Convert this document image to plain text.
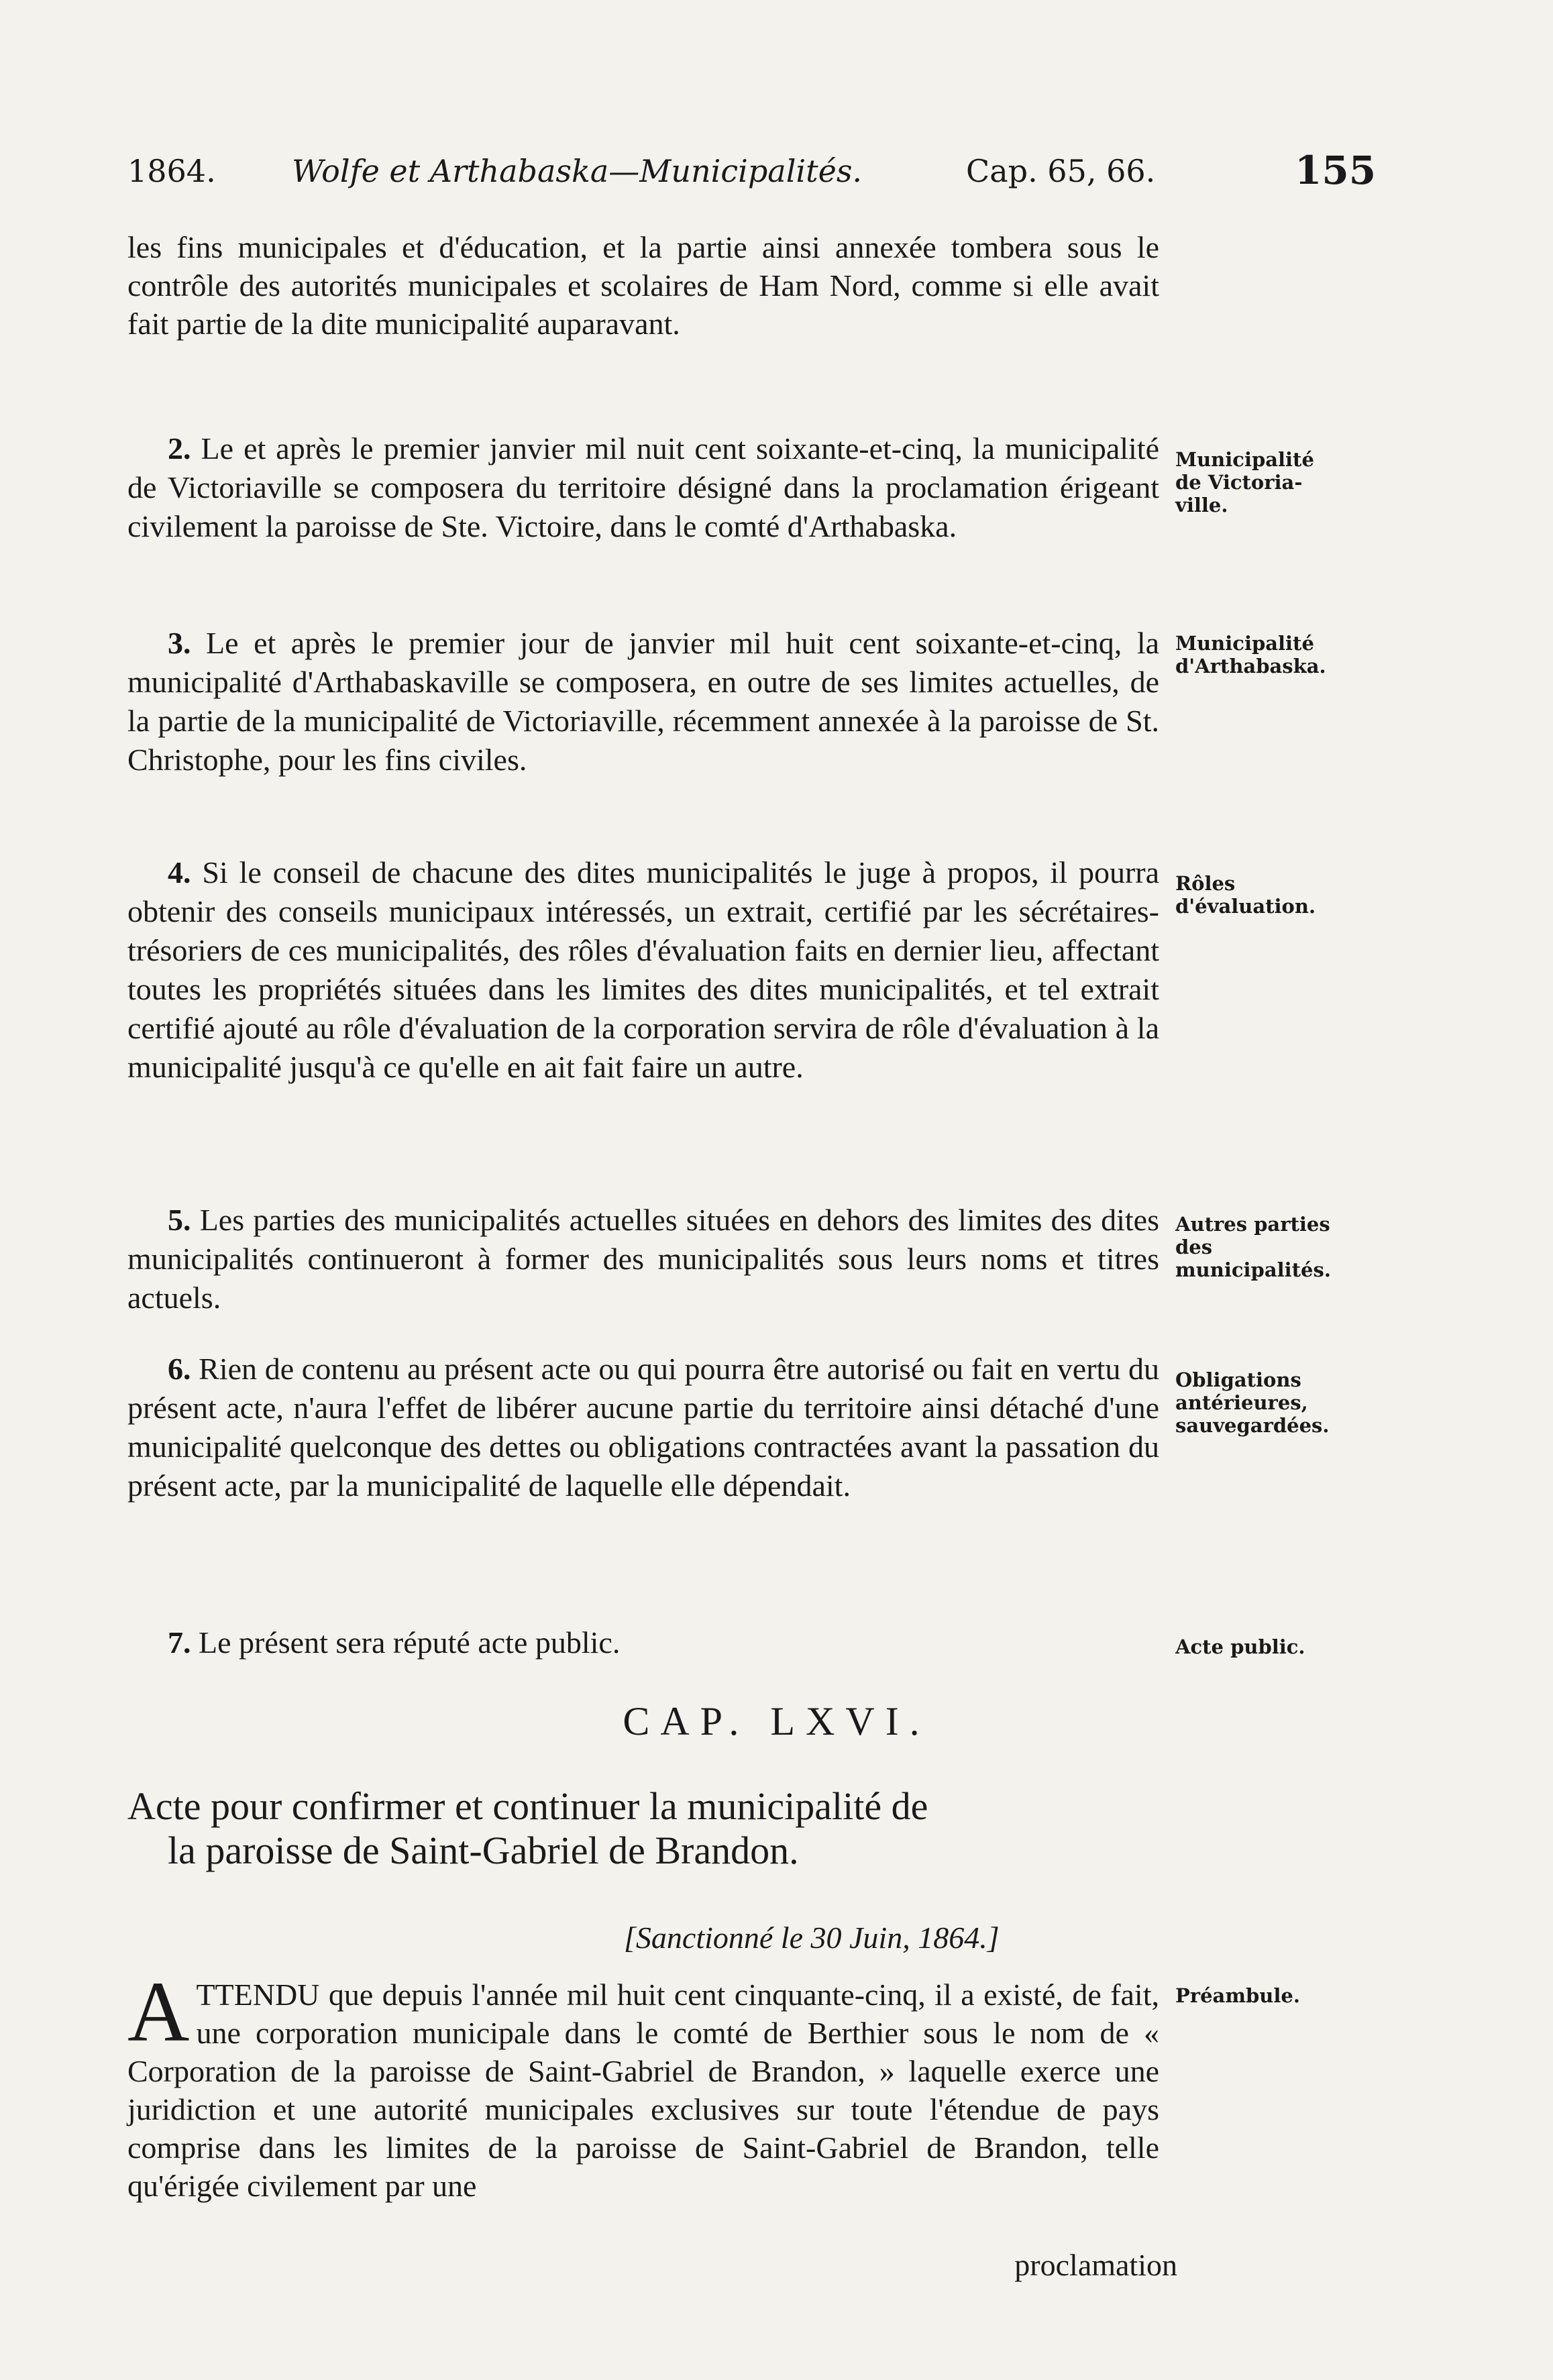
1864. Wolfe et Arthabaska—Municipalités.	Cap. 65, 66.	155

les fins municipales et d'éducation, et la partie ainsi annexée tombera sous le contrôle des autorités municipales et scolaires de Ham Nord, comme si elle avait fait partie de la dite municipalité auparavant.

2. Le et après le premier janvier mil nuit cent soixante-et-cinq, la municipalité de Victoriaville se composera du territoire désigné dans la proclamation érigeant civilement la paroisse de Ste. Victoire, dans le comté d'Arthabaska.
Municipalité de Victoria-ville.
3. Le et après le premier jour de janvier mil huit cent soixante-et-cinq, la municipalité d'Arthabaskaville se composera, en outre de ses limites actuelles, de la partie de la municipalité de Victoriaville, récemment annexée à la paroisse de St. Christophe, pour les fins civiles.
Municipalité d'Arthabaska.
4. Si le conseil de chacune des dites municipalités le juge à propos, il pourra obtenir des conseils municipaux intéressés, un extrait, certifié par les sécrétaires-trésoriers de ces municipalités, des rôles d'évaluation faits en dernier lieu, affectant toutes les propriétés situées dans les limites des dites municipalités, et tel extrait certifié ajouté au rôle d'évaluation de la corporation servira de rôle d'évaluation à la municipalité jusqu'à ce qu'elle en ait fait faire un autre.
Rôles d'évaluation.
5. Les parties des municipalités actuelles situées en dehors des limites des dites municipalités continueront à former des municipalités sous leurs noms et titres actuels.
Autres parties des municipalités.
6. Rien de contenu au présent acte ou qui pourra être autorisé ou fait en vertu du présent acte, n'aura l'effet de libérer aucune partie du territoire ainsi détaché d'une municipalité quelconque des dettes ou obligations contractées avant la passation du présent acte, par la municipalité de laquelle elle dépendait.
Obligations antérieures, sauvegardées.
7. Le présent sera réputé acte public.	Acte public.
CAP. LXVI.
Acte pour confirmer et continuer la municipalité de
la paroisse de Saint-Gabriel de Brandon.
[Sanctionné le 30 Juin, 1864.]
A TTENDU que depuis l'année mil huit cent cinquante-cinq, il a existé, de fait, une corporation municipale dans le comté de Berthier sous le nom de « Corporation de la paroisse de Saint-Gabriel de Brandon, » laquelle exerce une juridiction et une autorité municipales exclusives sur toute l'étendue de pays comprise dans les limites de la paroisse de Saint-Gabriel de Brandon, telle qu'érigée civilement par une
Préambule.
proclamation
